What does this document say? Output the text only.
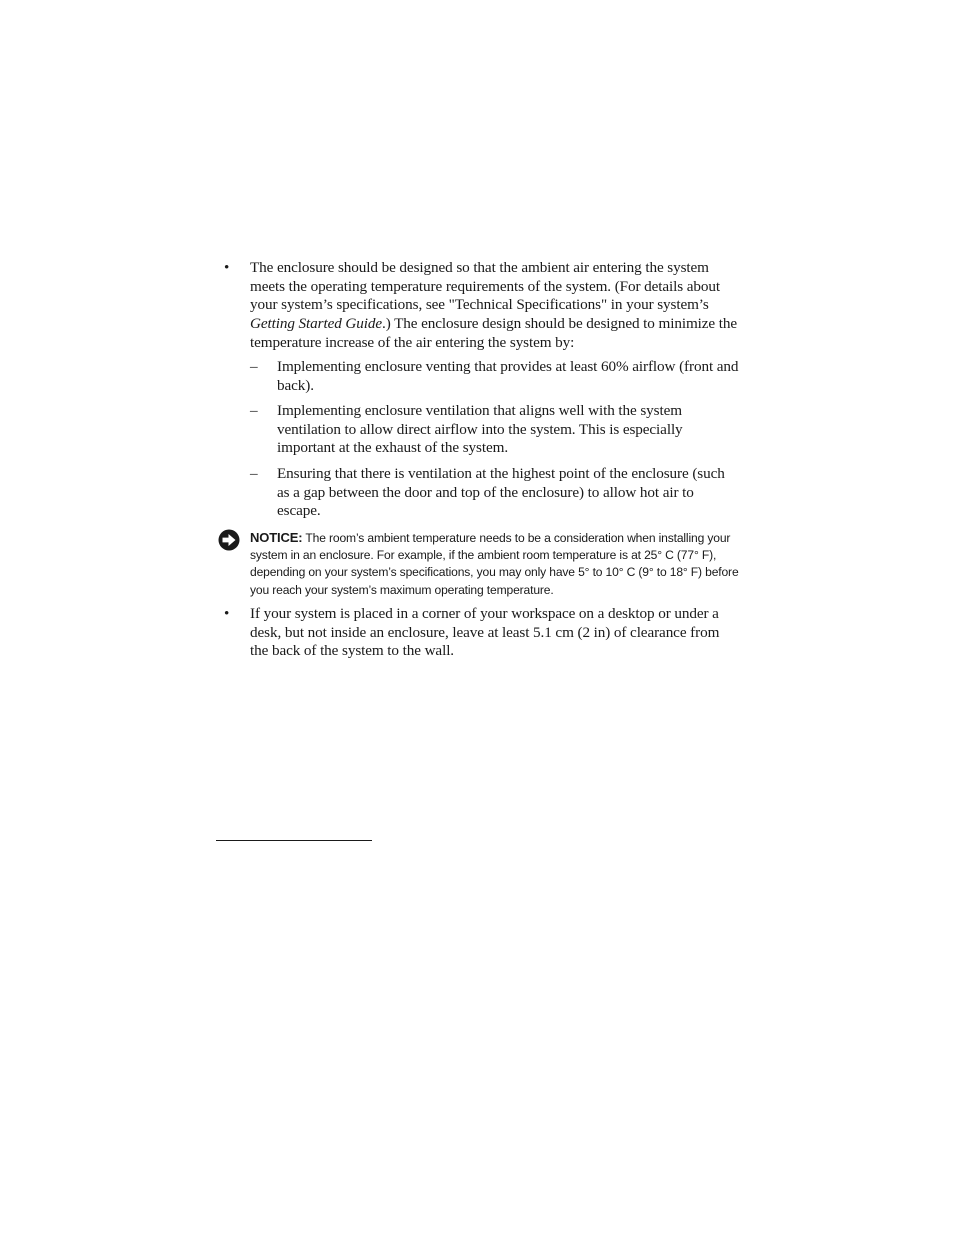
•	The enclosure should be designed so that the ambient air entering the system meets the operating temperature requirements of the system. (For details about your system’s specifications, see "Technical Specifications" in your system’s Getting Started Guide.) The enclosure design should be designed to minimize the temperature increase of the air entering the system by:
–	Implementing enclosure venting that provides at least 60% airflow (front and back).
–	Implementing enclosure ventilation that aligns well with the system ventilation to allow direct airflow into the system. This is especially important at the exhaust of the system.
–	Ensuring that there is ventilation at the highest point of the enclosure (such as a gap between the door and top of the enclosure) to allow hot air to escape.
NOTICE: The room’s ambient temperature needs to be a consideration when installing your system in an enclosure. For example, if the ambient room temperature is at 25° C (77° F), depending on your system’s specifications, you may only have 5° to 10° C (9° to 18° F) before you reach your system’s maximum operating temperature.
•	If your system is placed in a corner of your workspace on a desktop or under a desk, but not inside an enclosure, leave at least 5.1 cm (2 in) of clearance from the back of the system to the wall.
